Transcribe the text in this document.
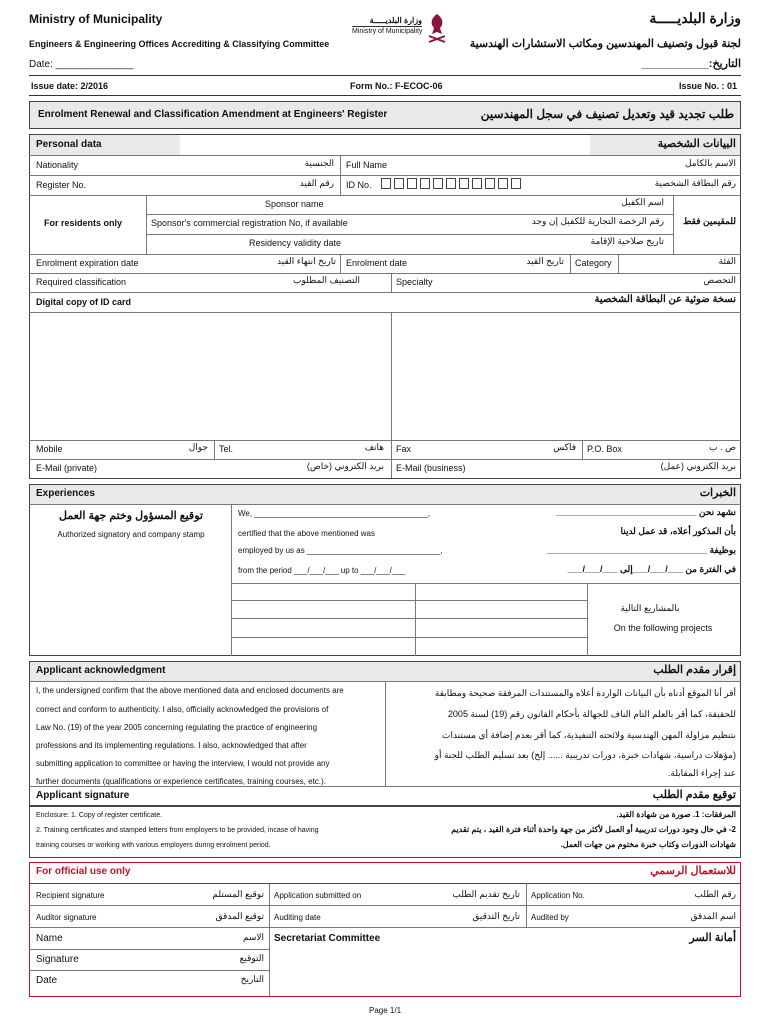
Ministry of Municipality
Engineers & Engineering Offices Accrediting & Classifying Committee
Date: ______________
وزارة البلديـــــة
لجنة قبول وتصنيف المهندسين ومكاتب الاستشارات الهندسية
التاريخ:___________
وزارة البلديـــــة
Ministry of Municipality
Issue date: 2/2016	Form No.: F-ECOC-06	Issue No. : 01
Enrolment Renewal and Classification Amendment at Engineers' Register	طلب تجديد قيد وتعديل تصنيف في سجل المهندسين
Personal data	البيانات الشخصية
Nationality	الجنسية Full Name	الاسم بالكامل
Register No.	رقم القيد ID No.	رقم البطاقة الشخصية
For residents only	للمقيمين فقط
Sponsor name	اسم الكفيل
Sponsor's commercial registration No, if available	رقم الرخصة التجارية للكفيل إن وجد
Residency validity date	تاريخ صلاحية الإقامة
Enrolment expiration date	تاريخ انتهاء القيد Enrolment date	تاريخ القيد Category	الفئة
Required classification	التصنيف المطلوب	Specialty	التخصص
Digital copy of ID card	نسخة ضوئية عن البطاقة الشخصية
Mobile	جوال Tel.	هاتف Fax	فاكس P.O. Box	ص . ب
E-Mail (private)	بريد الكتروني (خاص) E-Mail (business)	بريد الكتروني (عمل)
Experiences	الخبرات
توقيع المسؤول وختم جهة العمل
Authorized signatory and company stamp
We, _______________________________________,
certified that the above mentioned was
employed by us as ______________________________,
from the period ___/___/___ up to ___/___/___
نشهد نحن ____________________________
بأن المذكور أعلاه، قد عمل لدينا
بوظيفة ________________________________
في الفترة من ___/___/___إلى ___/___/___
بالمشاريع التالية
On the following projects
Applicant acknowledgment	إقرار مقدم الطلب
I, the undersigned confirm that the above mentioned data and enclosed documents are
correct and conform to authenticity. I also, officially acknowledged the provisions of
Law No. (19) of the year 2005 concerning regulating the practice of engineering
professions and its implementing regulations. I also, acknowledged that after
submitting application to committee or having the interview, I would not provide any
further documents (qualifications or experience certificates, training courses, etc.).
أقر أنا الموقع أدناه بأن البيانات الواردة أعلاه والمستندات المرفقة صحيحة ومطابقة
للحقيقة، كما أقر بالعلم التام الناف للجهالة بأحكام القانون رقم (19) لسنة 2005
بتنظيم مزاولة المهن الهندسية ولائحته التنفيذية، كما أقر بعدم إضافة أي مستندات
(مؤهلات دراسية، شهادات خبرة، دورات تدريبية ...... إلخ) بعد تسليم الطلب للجنة أو
عند إجراء المقابلة.
Applicant signature	توقيع مقدم الطلب
Enclosure: 1. Copy of register certificate.
2. Training certificates and stamped letters from employers to be provided, incase of having
training courses or working with various employers during enrolment period.
المرفقات: 1. صورة من شهادة القيد.
2- في حال وجود دورات تدريبية أو العمل لأكثر من جهة واحدة أثناء فترة القيد ، يتم تقديم
شهادات الدورات وكتاب خبرة مختوم من جهات العمل.
For official use only	للاستعمال الرسمي
Recipient signature	توقيع المستلم Application submitted on	تاريخ تقديم الطلب Application No.	رقم الطلب
Auditor signature	توقيع المدقق Auditing date	تاريخ التدقيق Audited by	اسم المدقق
Name	الاسم Secretariat Committee	أمانة السر
Signature	التوقيع
Date	التاريخ
Page 1/1
